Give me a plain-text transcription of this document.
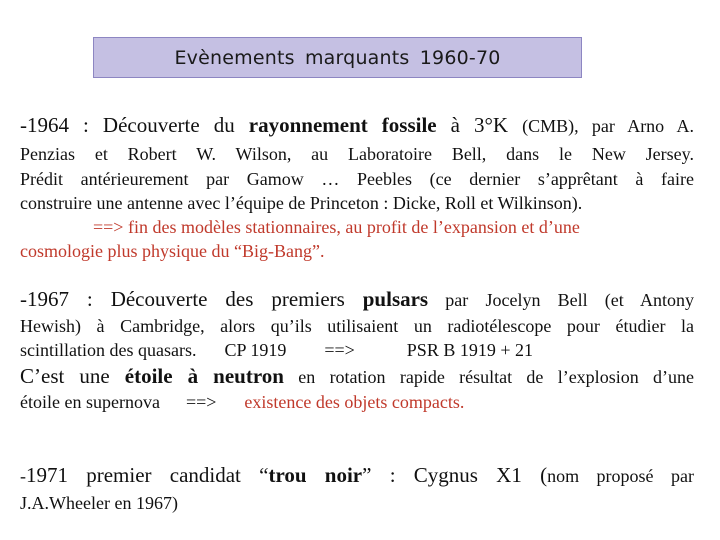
Evènements marquants 1960-70
-1964 : Découverte du rayonnement fossile à 3°K (CMB), par Arno A.
Penzias et Robert W. Wilson, au Laboratoire Bell, dans le New Jersey.
Prédit antérieurement par Gamow … Peebles (ce dernier s’apprêtant à faire
construire une antenne avec l’équipe de Princeton : Dicke, Roll et Wilkinson).
==> fin des modèles stationnaires, au profit de l’expansion et d’une
cosmologie plus physique du “Big-Bang”.
-1967 : Découverte des premiers pulsars par Jocelyn Bell (et Antony
Hewish) à Cambridge, alors qu’ils utilisaient un radiotélescope pour étudier la
scintillation des quasars. CP 1919 ==>	PSR B 1919 + 21
C’est une étoile à neutron en rotation rapide résultat de l’explosion d’une
étoile en supernova ==> existence des objets compacts.
-1971 premier candidat “trou noir” : Cygnus X1 (nom proposé par
J.A.Wheeler en 1967)
